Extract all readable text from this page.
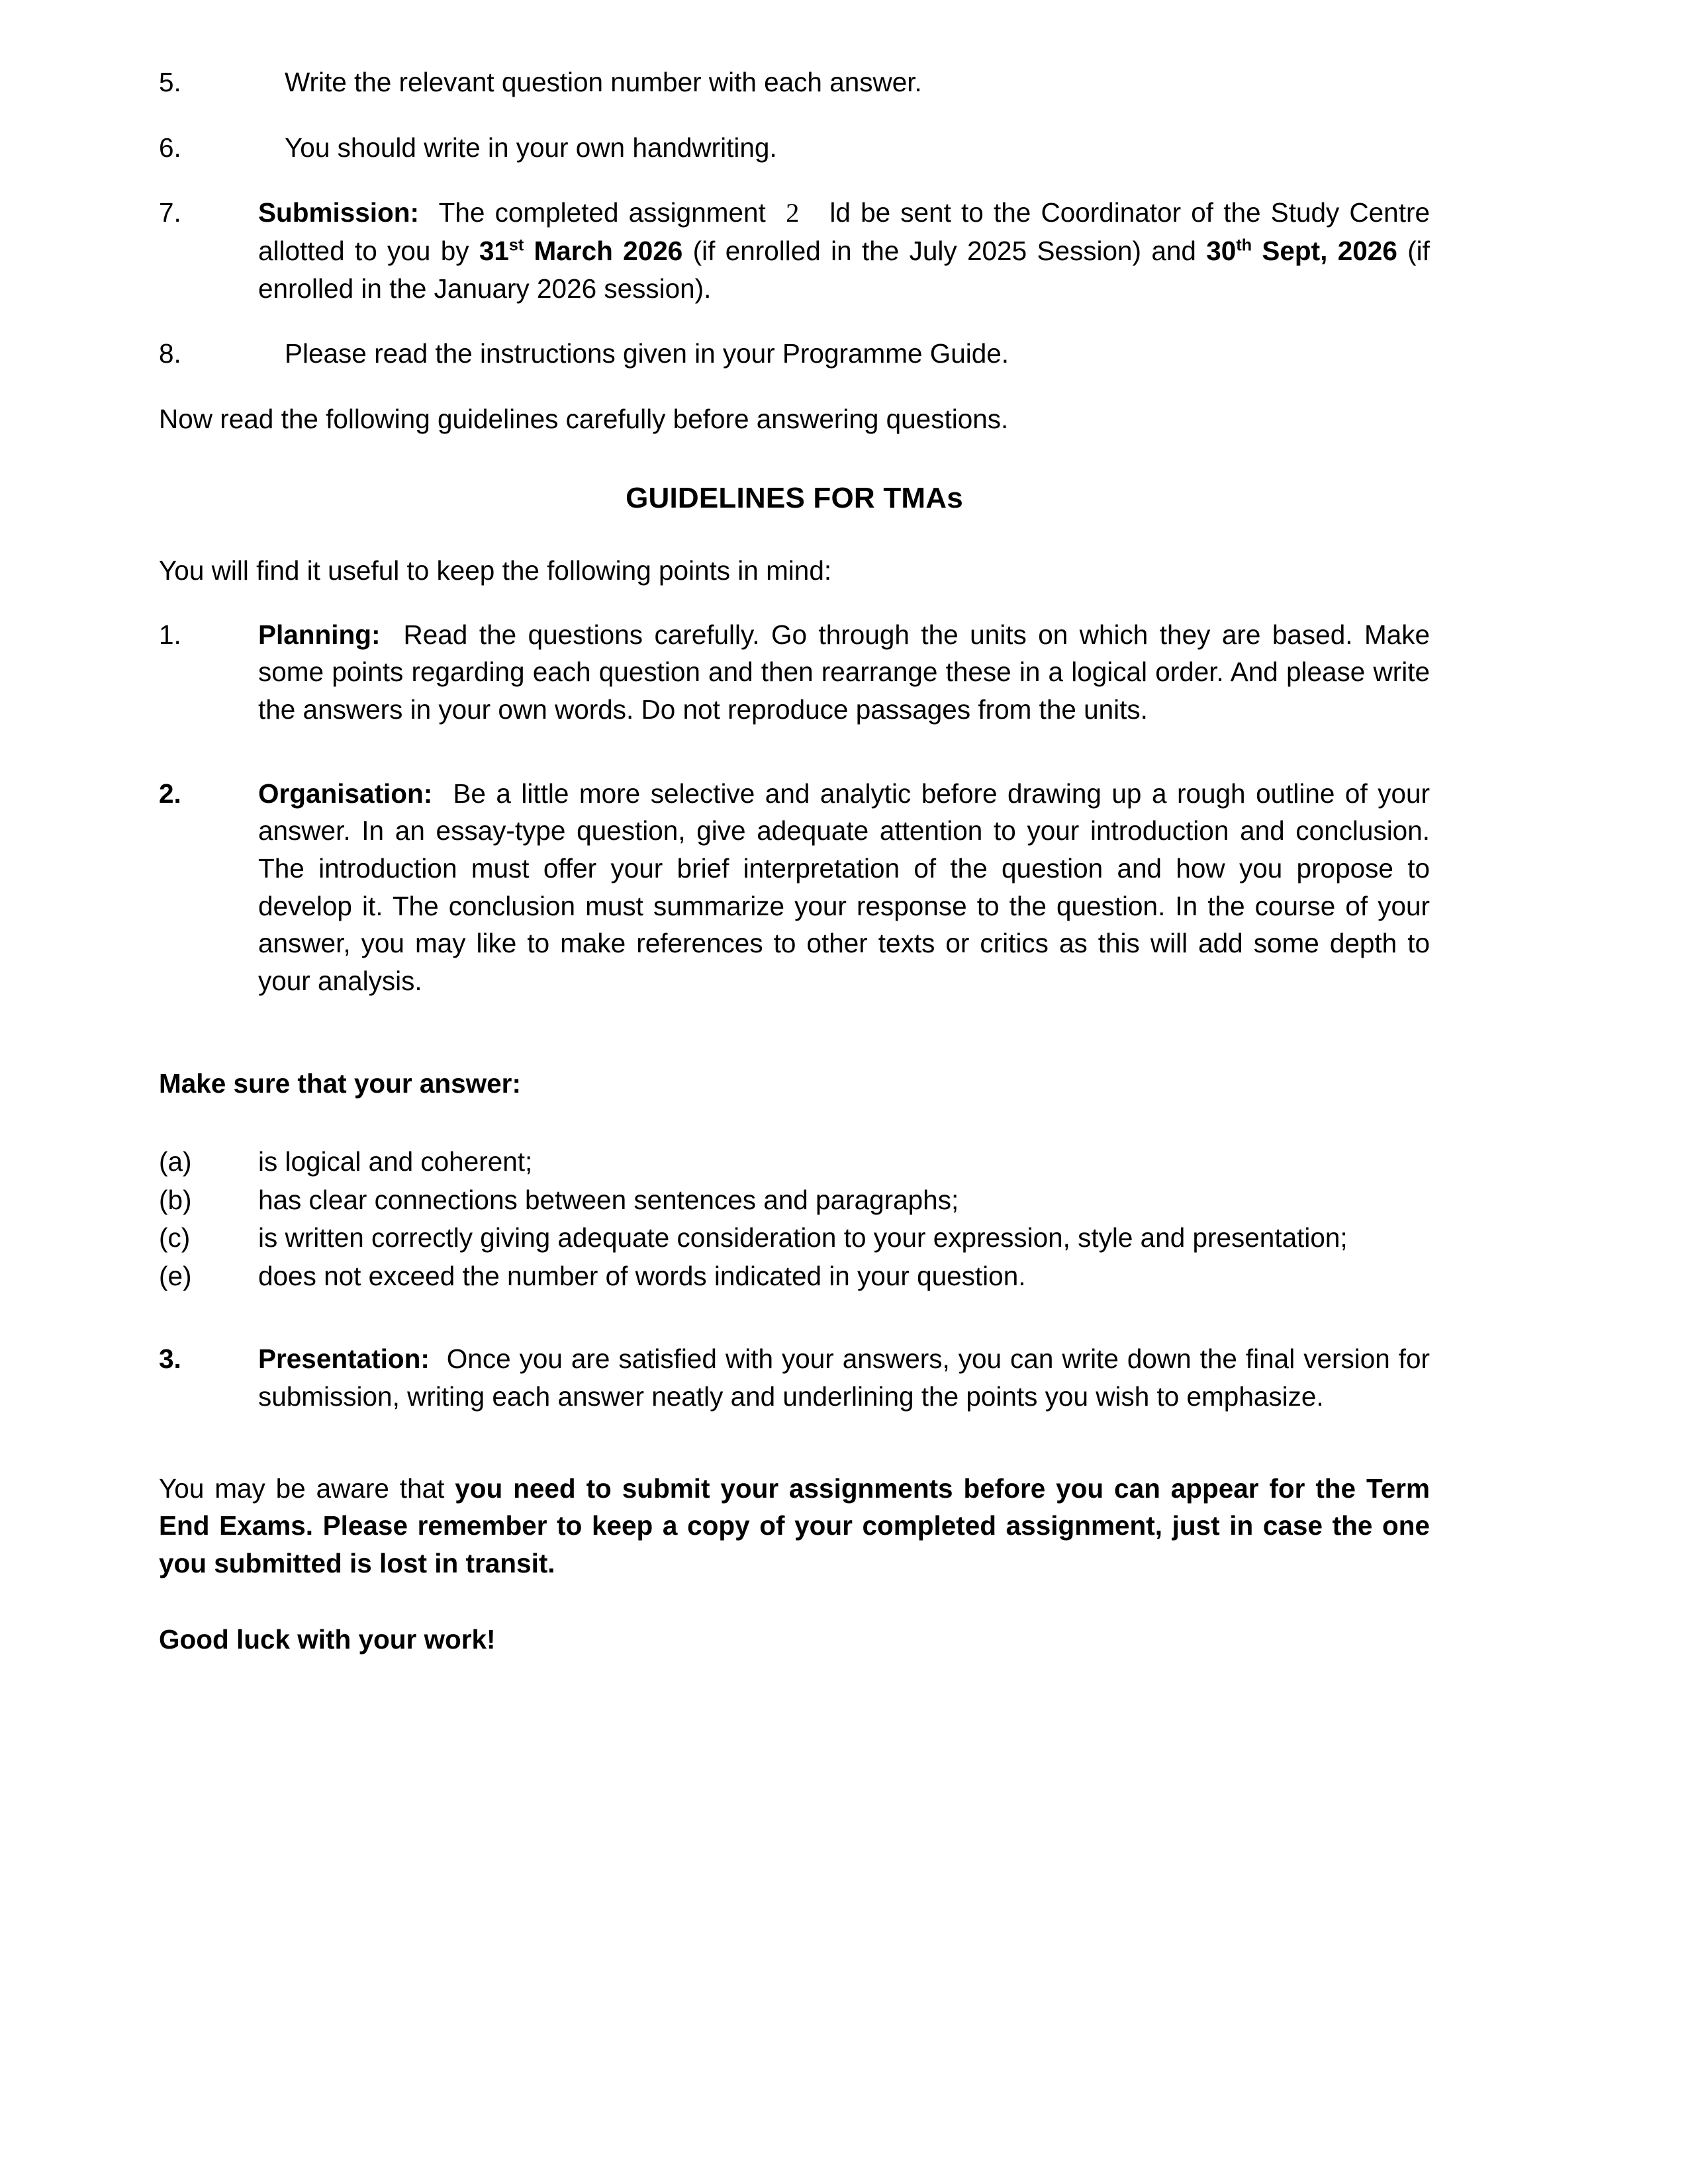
5.	Write the relevant question number with each answer.
6.	You should write in your own handwriting.
7.	Submission: The completed assignment 2 ld be sent to the Coordinator of the Study Centre allotted to you by 31st March 2026 (if enrolled in the July 2025 Session) and 30th Sept, 2026 (if enrolled in the January 2026 session).
8.	Please read the instructions given in your Programme Guide.

Now read the following guidelines carefully before answering questions.

GUIDELINES FOR TMAs

You will find it useful to keep the following points in mind:

1.	Planning: Read the questions carefully. Go through the units on which they are based. Make some points regarding each question and then rearrange these in a logical order. And please write the answers in your own words. Do not reproduce passages from the units.
2.	Organisation: Be a little more selective and analytic before drawing up a rough outline of your answer. In an essay-type question, give adequate attention to your introduction and conclusion. The introduction must offer your brief interpretation of the question and how you propose to develop it. The conclusion must summarize your response to the question. In the course of your answer, you may like to make references to other texts or critics as this will add some depth to your analysis.

Make sure that your answer:

(a)	is logical and coherent;
(b)	has clear connections between sentences and paragraphs;
(c)	is written correctly giving adequate consideration to your expression, style and presentation;
(e)	does not exceed the number of words indicated in your question.
3.	Presentation: Once you are satisfied with your answers, you can write down the final version for submission, writing each answer neatly and underlining the points you wish to emphasize.

You may be aware that you need to submit your assignments before you can appear for the Term End Exams. Please remember to keep a copy of your completed assignment, just in case the one you submitted is lost in transit.

Good luck with your work!
